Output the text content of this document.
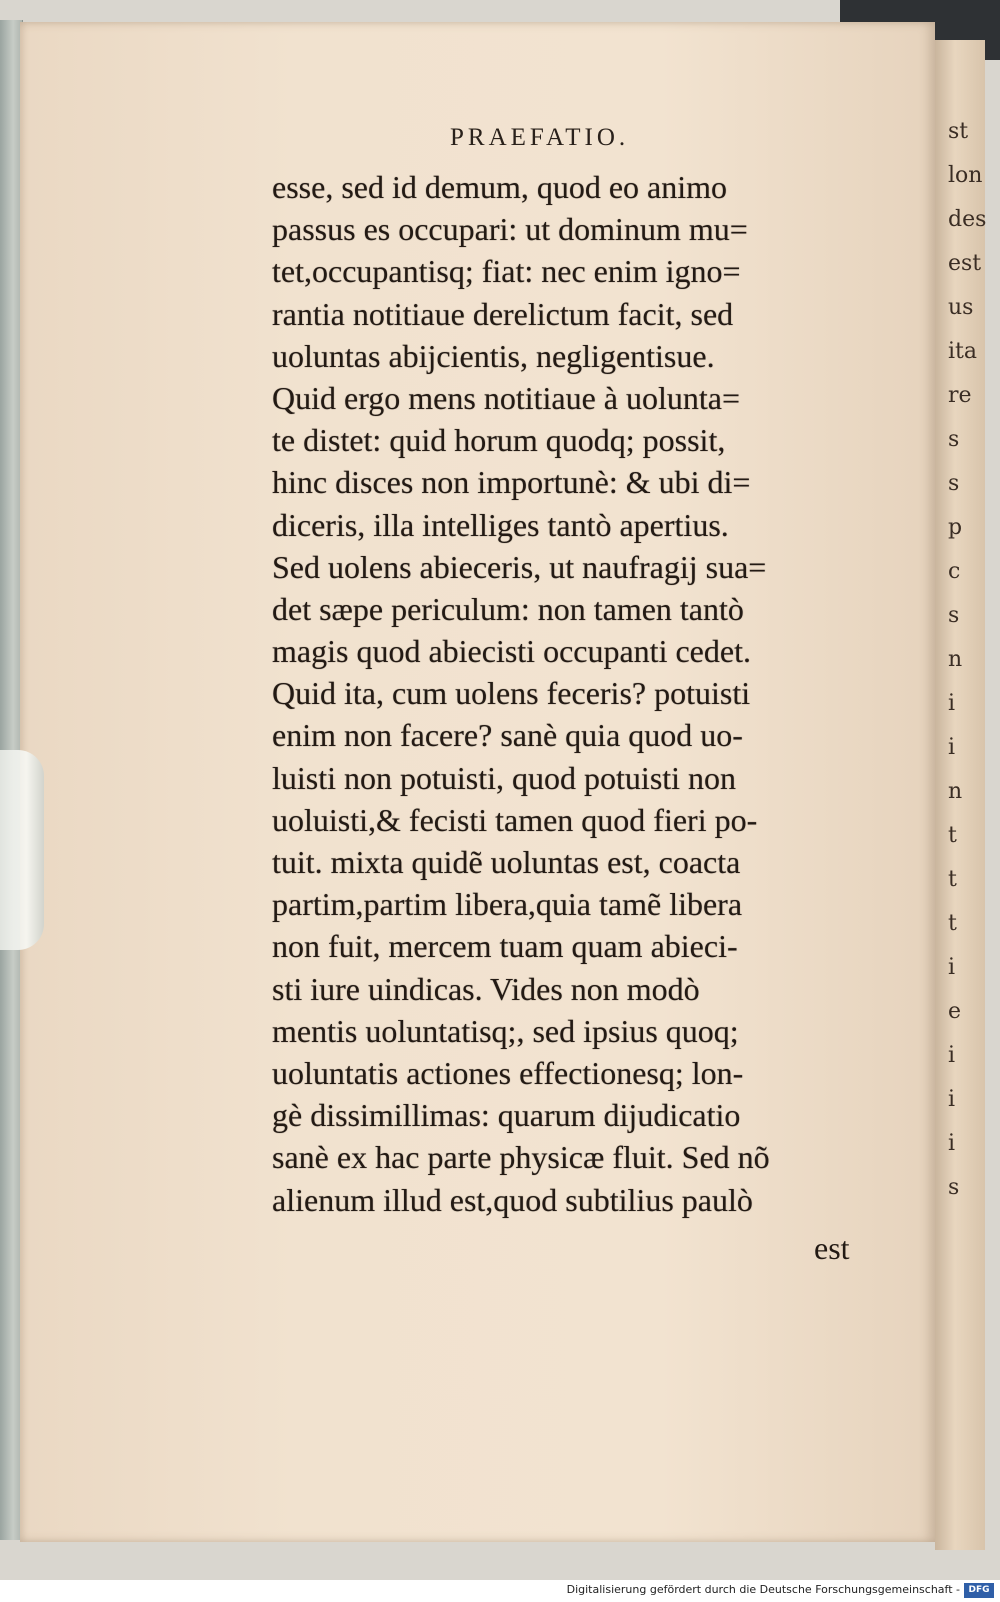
st
lon
des
est
us
ita
re
s
s
p
c
s
n
i
i
n
t
t
t
i
e
i
i
i
s
PRAEFATIO.
esse, sed id demum, quod eo animo
passus es occupari: ut dominum mu=
tet,occupantisq; fiat: nec enim igno=
rantia notitiaue derelictum facit, sed
uoluntas abijcientis, negligentisue.
Quid ergo mens notitiaue à uolunta=
te distet: quid horum quodq; possit,
hinc disces non importunè: & ubi di=
diceris, illa intelliges tantò apertius.
Sed uolens abieceris, ut naufragij sua=
det sæpe periculum: non tamen tantò
magis quod abiecisti occupanti cedet.
Quid ita, cum uolens feceris? potuisti
enim non facere? sanè quia quod uo-
luisti non potuisti, quod potuisti non
uoluisti,& fecisti tamen quod fieri po-
tuit. mixta quidẽ uoluntas est, coacta
partim,partim libera,quia tamẽ libera
non fuit, mercem tuam quam abieci-
sti iure uindicas. Vides non modò
mentis uoluntatisq;, sed ipsius quoq;
uoluntatis actiones effectionesq; lon-
gè dissimillimas: quarum dijudicatio
sanè ex hac parte physicæ fluit. Sed nõ
alienum illud est,quod subtilius paulò
est
Digitalisierung gefördert durch die Deutsche Forschungsgemeinschaft - DFG
